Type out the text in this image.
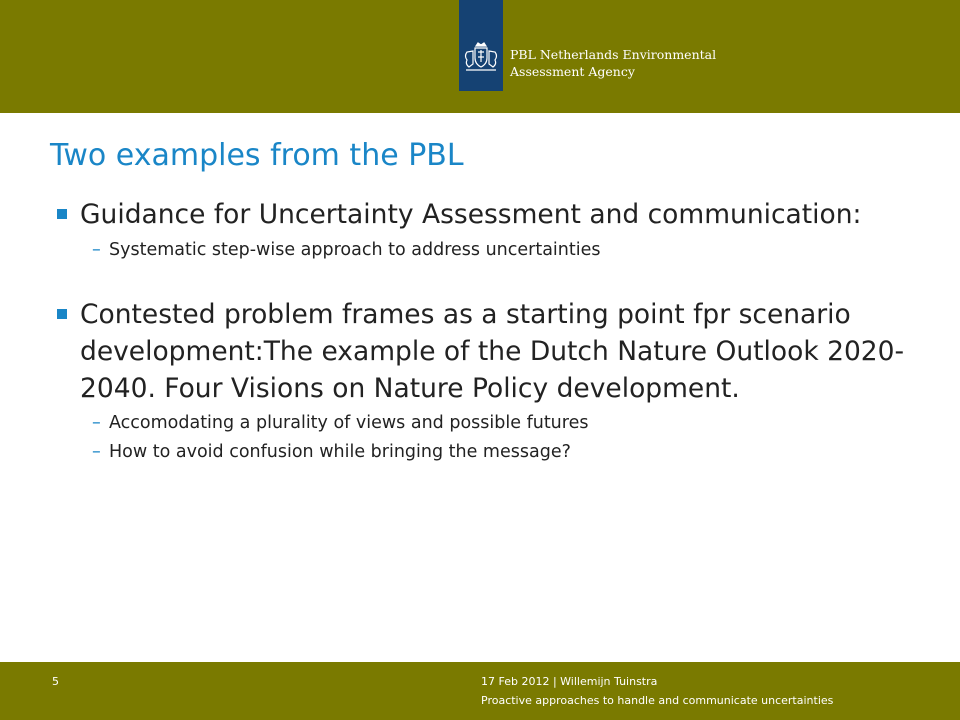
PBL Netherlands Environmental
Assessment Agency
Two examples from the PBL
Guidance for Uncertainty Assessment and communication:
– Systematic step-wise approach to address uncertainties
Contested problem frames as a starting point fpr scenario development:The example of the Dutch Nature Outlook 2020-2040. Four Visions on Nature Policy development.
– Accomodating a plurality of views and possible futures
– How to avoid confusion while bringing the message?
5	17 Feb 2012 | Willemijn Tuinstra
Proactive approaches to handle and communicate uncertainties
